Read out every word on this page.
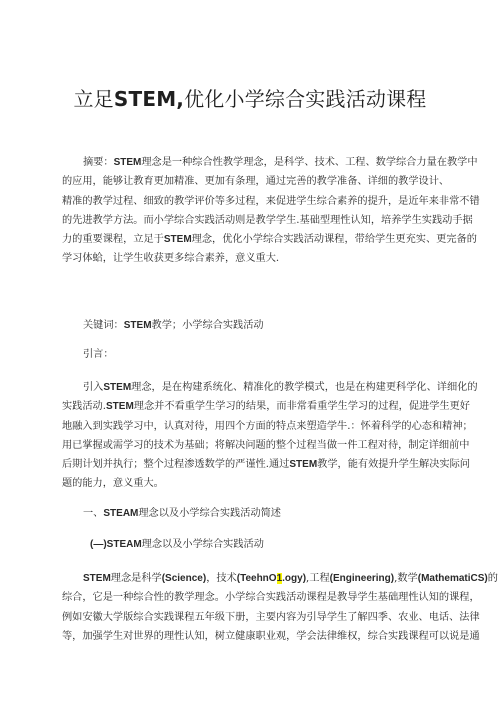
立足STEM,优化小学综合实践活动课程
摘要：STEM理念是一种综合性教学理念，是科学、技术、工程、数学综合力量在教学中
的应用，能够让教育更加精准、更加有条理，通过完善的教学准备、详细的教学设计、
精准的教学过程、细致的教学评价等多过程，来促进学生综合素养的提升，是近年来非常不错
的先进教学方法。而小学综合实践活动则是教学学生.基础型理性认知，培养学生实践动手据
力的重要课程，立足于STEM理念，优化小学综合实践活动课程，带给学生更充实、更完备的
学习体蛤，让学生收获更多综合素养，意义重大.
关键词：STEM教学；小学综合实践活动
引言：
引入STEM理念，是在构建系统化、精准化的教学模式，也是在构建更科学化、详细化的
实践活动.STEM理念并不看重学生学习的结果，而非常看重学生学习的过程，促进学生更好
地融入到实践学习中，认真对待，用四个方面的特点来塑造学牛.：怀着科学的心态和精神；
用已掌握或需学习的技术为基础；将解决问题的整个过程当做一件工程对待，制定详细前中
后期计划并执行；整个过程渗透数学的严谨性.通过STEM教学，能有效提升学生解决实际问
题的能力，意义重大。
一、STEAM理念以及小学综合实践活动简述
(—)STEAM理念以及小学综合实践活动
STEM理念是科学(Science)，技术(TeehnO1.ogy),工程(Engineering),数学(MathematiCS)的
综合，它是一种综合性的教学理念。小学综合实践活动课程是教导学生基础理性认知的课程，
例如安徽大学版综合实践课程五年级下册，主要内容为引导学生了解四季、农业、电话、法律
等，加强学生对世界的理性认知，树立健康职业观，学会法律维权，综合实践课程可以说是通
